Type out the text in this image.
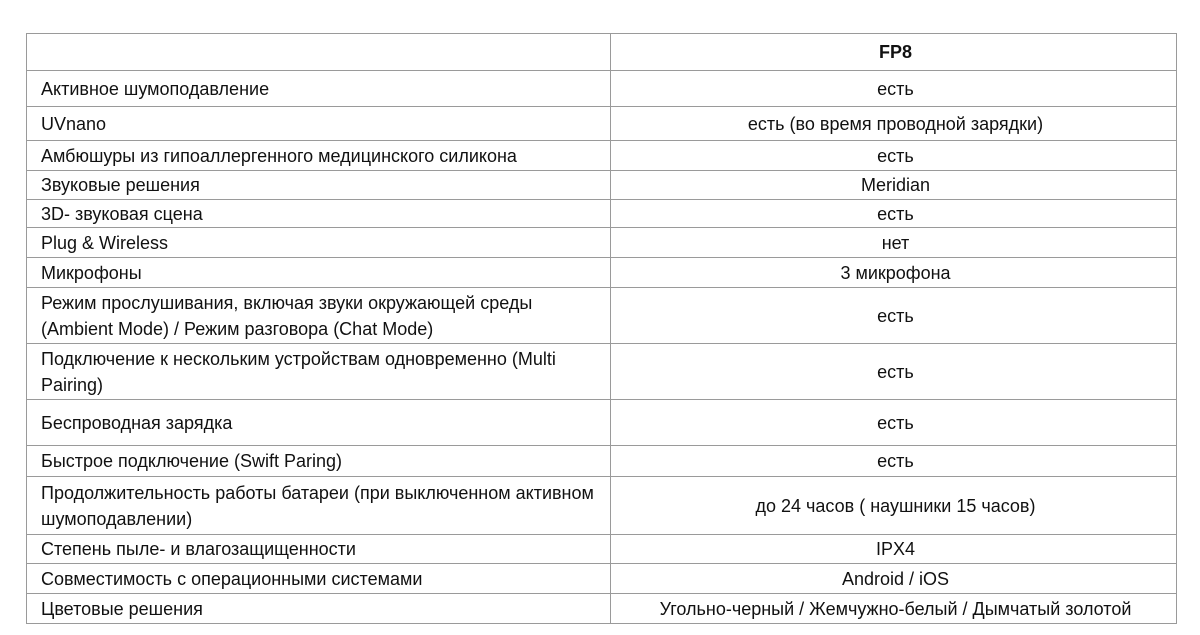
	FP8
Активное шумоподавление	есть
UVnano	есть (во время проводной зарядки)
Амбюшуры из гипоаллергенного медицинского силикона	есть
Звуковые решения	Meridian
3D- звуковая сцена	есть
Plug & Wireless	нет
Микрофоны	3 микрофона
Режим прослушивания, включая звуки окружающей среды (Ambient Mode) / Режим разговора (Chat Mode)	есть
Подключение к нескольким устройствам одновременно (Multi Pairing)	есть
Беспроводная зарядка	есть
Быстрое подключение (Swift Paring)	есть
Продолжительность работы батареи (при выключенном активном шумоподавлении)	до 24 часов ( наушники 15 часов)
Степень пыле- и влагозащищенности	IPX4
Совместимость с операционными системами	Android / iOS
Цветовые решения	Угольно-черный / Жемчужно-белый / Дымчатый золотой
